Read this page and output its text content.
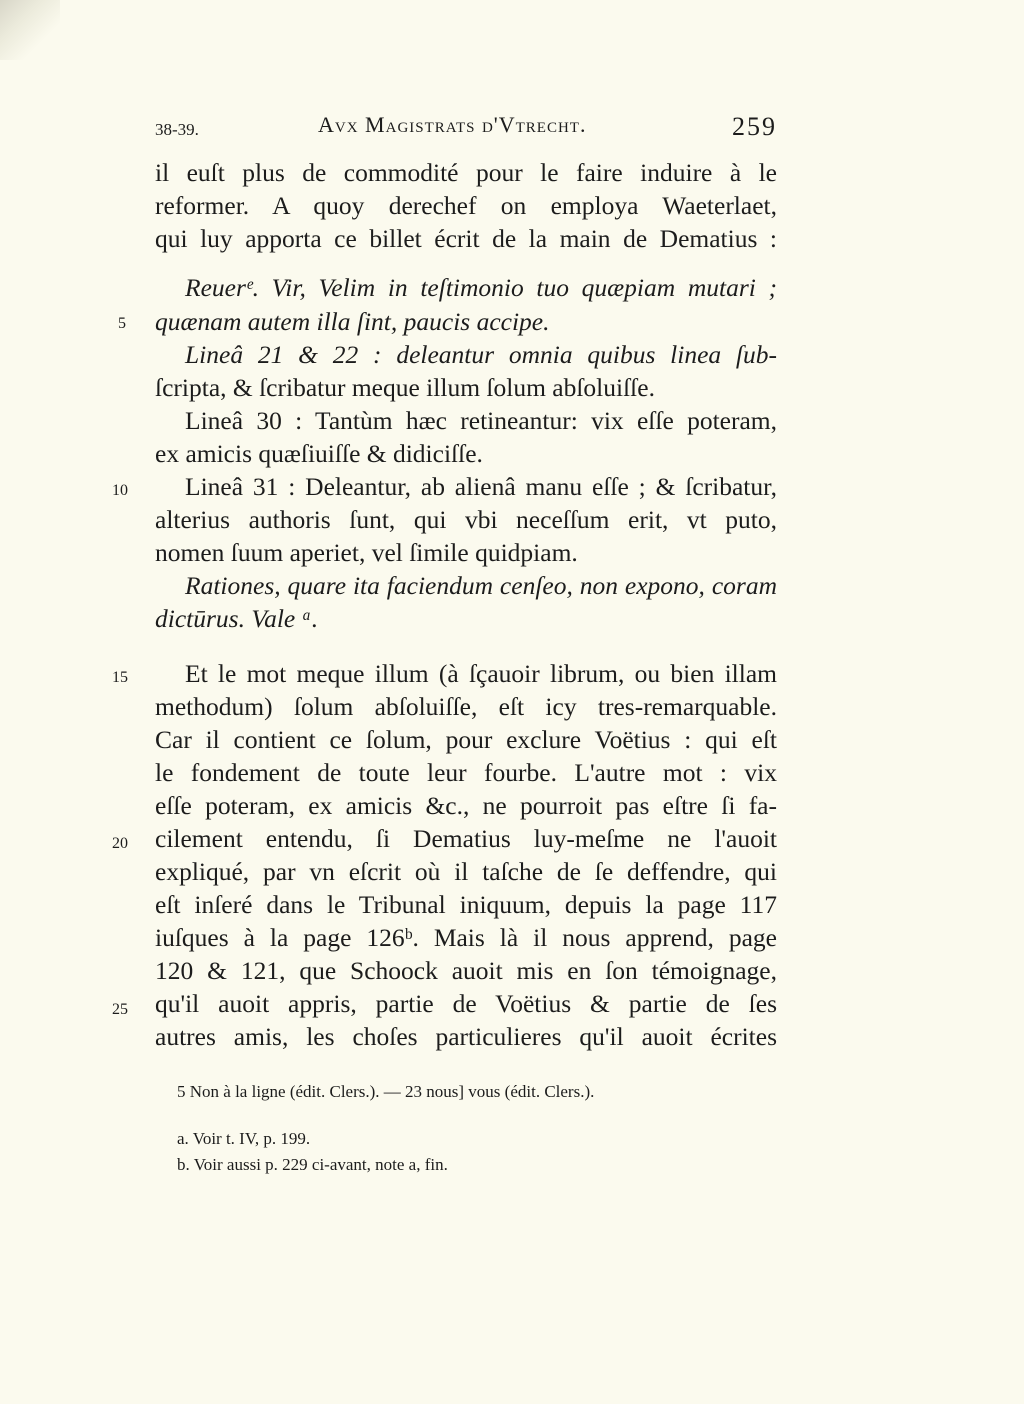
38-39.	Avx Magistrats d'Vtrecht.	259
il euſt plus de commodité pour le faire induire à le
reformer. A quoy derechef on employa Waeterlaet,
qui luy apporta ce billet écrit de la main de Dematius :
Reuerᵉ. Vir, Velim in teſtimonio tuo quæpiam mutari ;
quænam autem illa ſint, paucis accipe.
Lineâ 21 & 22 : deleantur omnia quibus linea ſub-
ſcripta, & ſcribatur meque illum ſolum abſoluiſſe.
Lineâ 30 : Tantùm hæc retineantur: vix eſſe poteram,
ex amicis quæſiuiſſe & didiciſſe.
Lineâ 31 : Deleantur, ab alienâ manu eſſe ; & ſcribatur,
alterius authoris ſunt, qui vbi neceſſum erit, vt puto,
nomen ſuum aperiet, vel ſimile quidpiam.
Rationes, quare ita faciendum cenſeo, non expono, coram
dictūrus. Vale ᵃ.
Et le mot meque illum (à ſçauoir librum, ou bien illam
methodum) ſolum abſoluiſſe, eſt icy tres-remarquable.
Car il contient ce ſolum, pour exclure Voëtius : qui eſt
le fondement de toute leur fourbe. L'autre mot : vix
eſſe poteram, ex amicis &c., ne pourroit pas eſtre ſi fa-
cilement entendu, ſi Dematius luy-meſme ne l'auoit
expliqué, par vn eſcrit où il taſche de ſe deffendre, qui
eſt inſeré dans le Tribunal iniquum, depuis la page 117
iuſques à la page 126ᵇ. Mais là il nous apprend, page
120 & 121, que Schoock auoit mis en ſon témoignage,
qu'il auoit appris, partie de Voëtius & partie de ſes
autres amis, les choſes particulieres qu'il auoit écrites
5
10
15
20
25
5 Non à la ligne (édit. Clers.). — 23 nous] vous (édit. Clers.).
a. Voir t. IV, p. 199.
b. Voir aussi p. 229 ci-avant, note a, fin.
